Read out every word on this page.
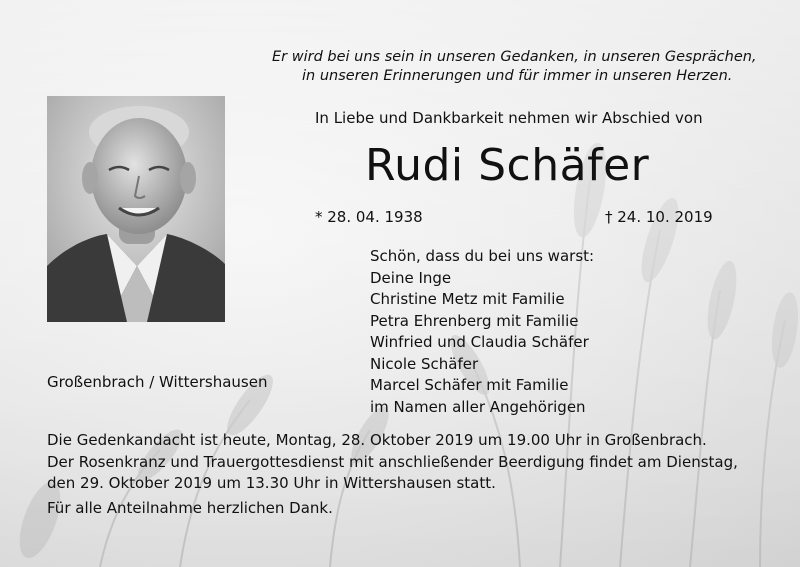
Er wird bei uns sein in unseren Gedanken, in unseren Gesprächen,
in unseren Erinnerungen und für immer in unseren Herzen.
In Liebe und Dankbarkeit nehmen wir Abschied von
Rudi Schäfer
* 28. 04. 1938	† 24. 10. 2019
Schön, dass du bei uns warst:
Deine Inge
Christine Metz mit Familie
Petra Ehrenberg mit Familie
Winfried und Claudia Schäfer
Nicole Schäfer
Marcel Schäfer mit Familie
im Namen aller Angehörigen
Großenbrach / Wittershausen
Die Gedenkandacht ist heute, Montag, 28. Oktober 2019 um 19.00 Uhr in Großenbrach.
Der Rosenkranz und Trauergottesdienst mit anschließender Beerdigung findet am Dienstag,
den 29. Oktober 2019 um 13.30 Uhr in Wittershausen statt.
Für alle Anteilnahme herzlichen Dank.
